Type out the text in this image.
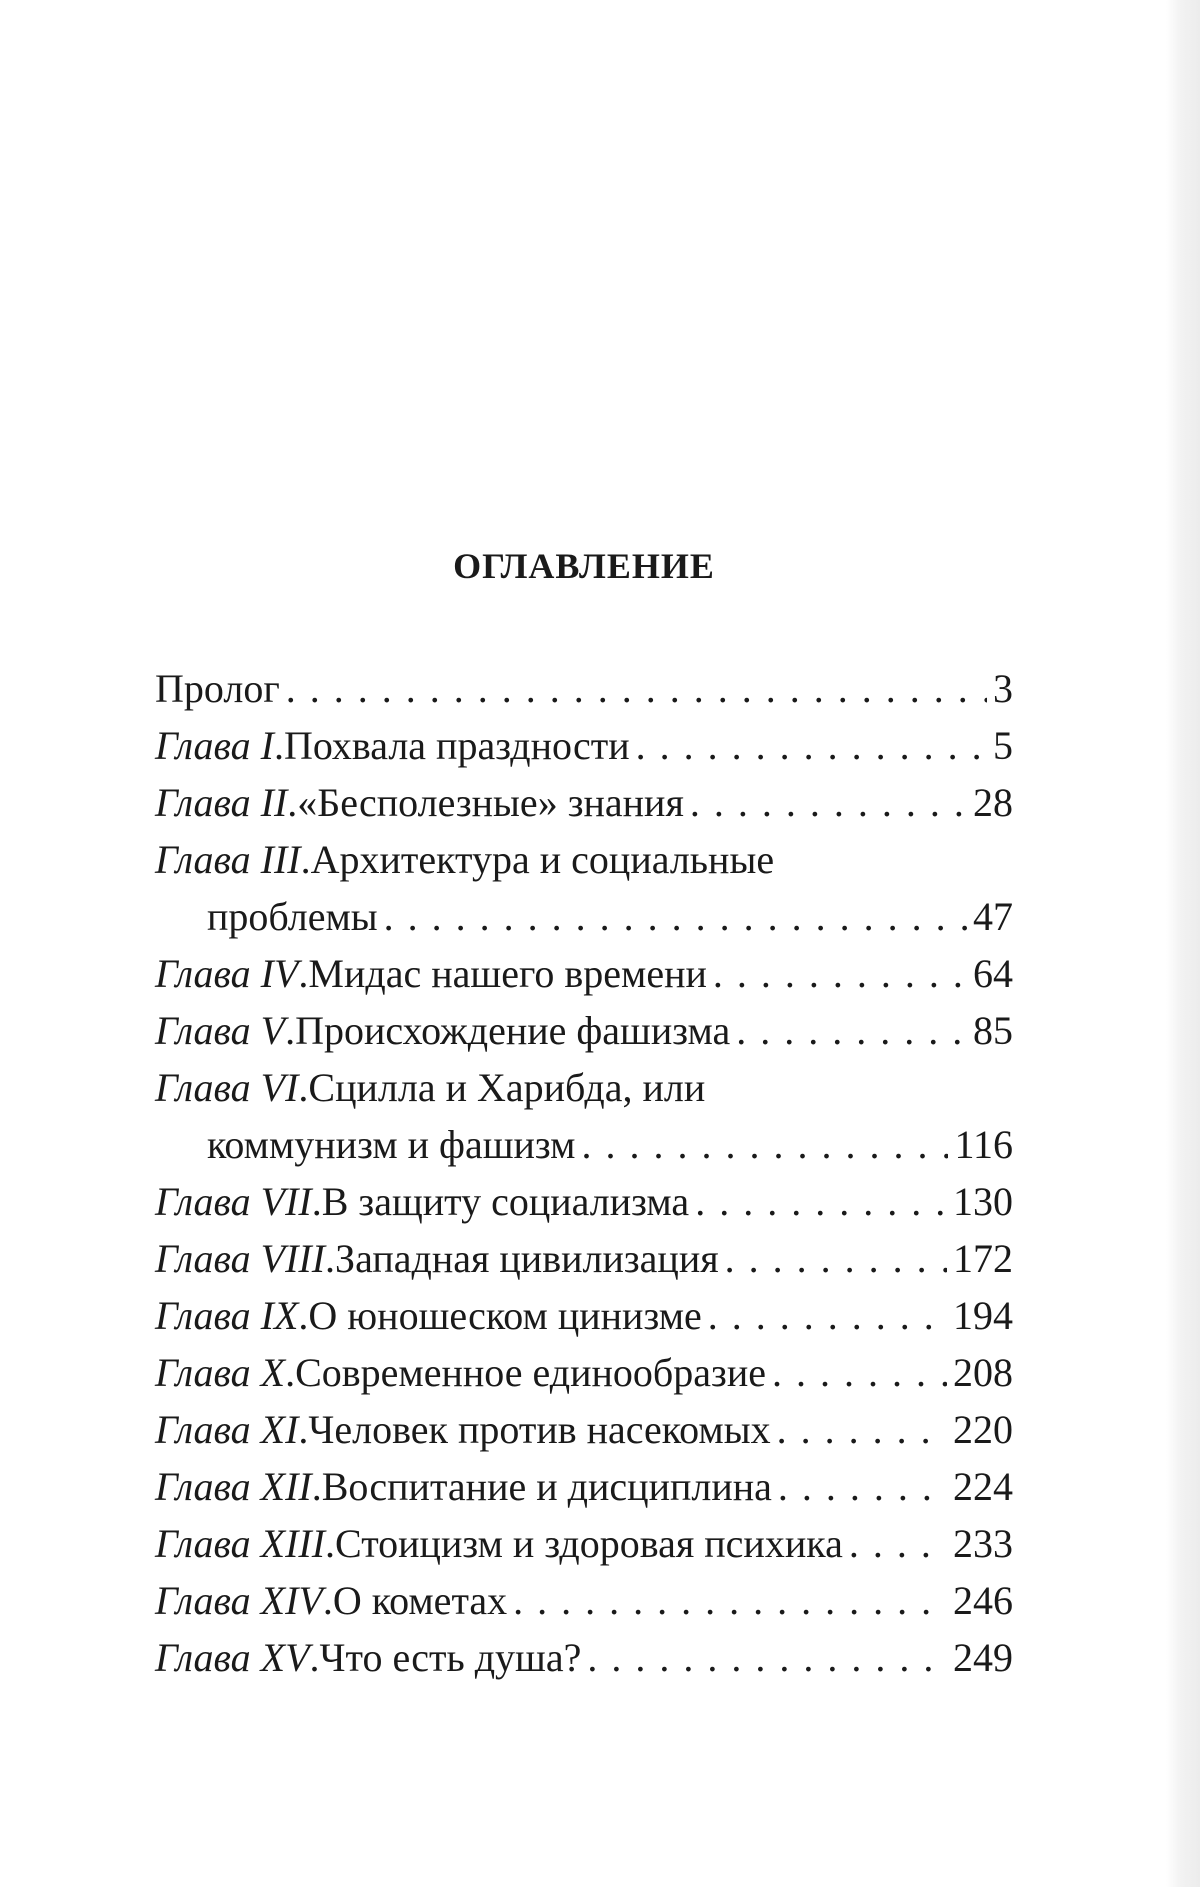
ОГЛАВЛЕНИЕ
Пролог . . .	3
Глава I . Похвала праздности . . .	5
Глава II . «Бесполезные» знания . . .	28
Глава III . Архитектура и социальные
проблемы . . .	47
Глава IV . Мидас нашего времени . . .	64
Глава V . Происхождение фашизма . . .	85
Глава VI . Сцилла и Харибда, или
коммунизм и фашизм . . .	116
Глава VII . В защиту социализма . . .	130
Глава VIII . Западная цивилизация . . .	172
Глава IX . О юношеском цинизме . . .	194
Глава X . Современное единообразие . . .	208
Глава XI . Человек против насекомых . . .	220
Глава XII . Воспитание и дисциплина . . .	224
Глава XIII . Стоицизм и здоровая психика . . .	233
Глава XIV . О кометах . . .	246
Глава XV . Что есть душа? . . .	249
